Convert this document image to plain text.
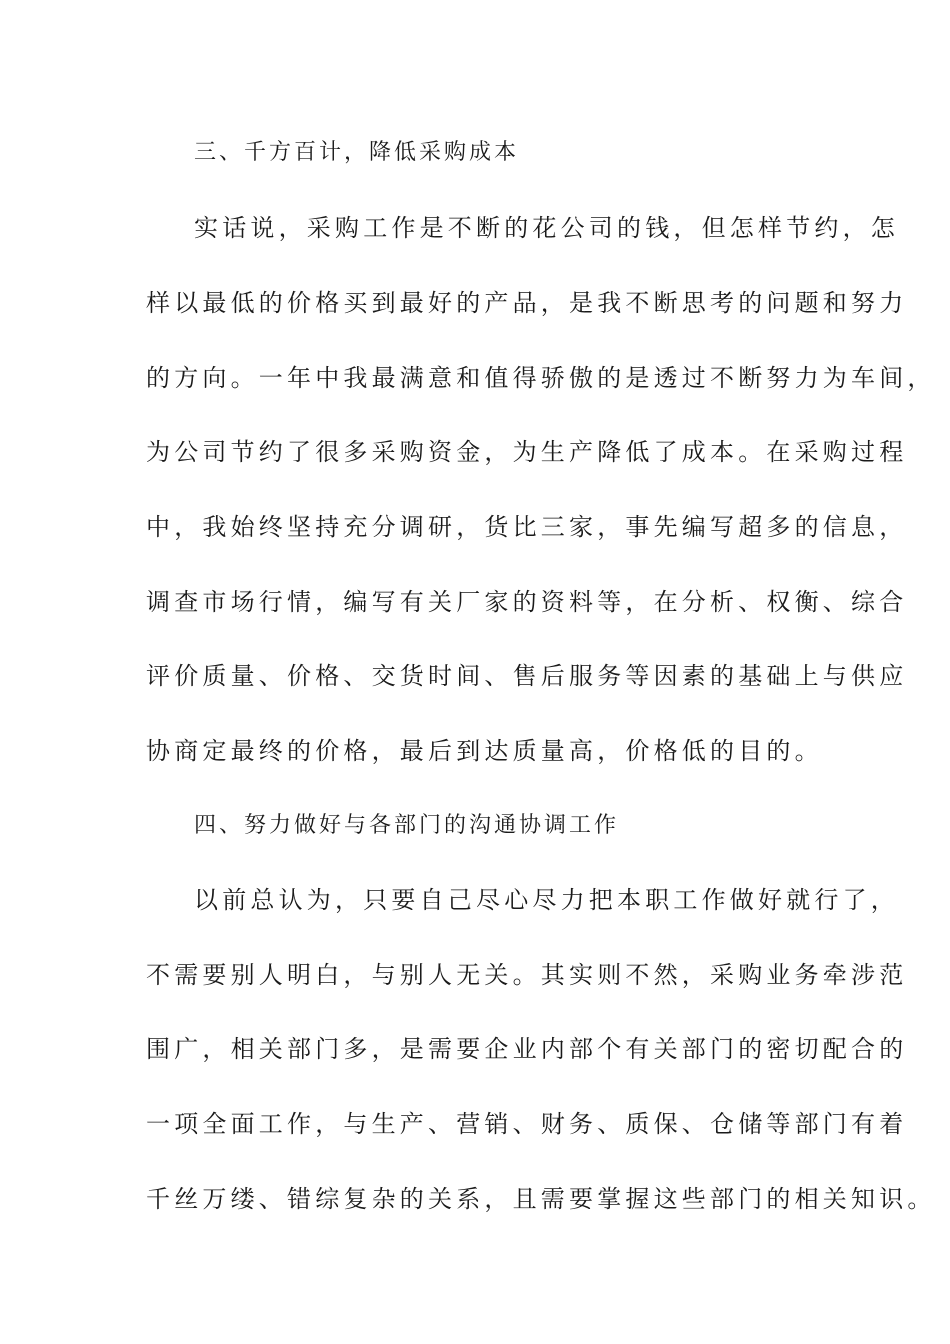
三、千方百计，降低采购成本
实话说，采购工作是不断的花公司的钱，但怎样节约，怎
样以最低的价格买到最好的产品，是我不断思考的问题和努力
的方向。一年中我最满意和值得骄傲的是透过不断努力为车间，
为公司节约了很多采购资金，为生产降低了成本。在采购过程
中，我始终坚持充分调研，货比三家，事先编写超多的信息，
调查市场行情，编写有关厂家的资料等，在分析、权衡、综合
评价质量、价格、交货时间、售后服务等因素的基础上与供应
协商定最终的价格，最后到达质量高，价格低的目的。
四、努力做好与各部门的沟通协调工作
以前总认为，只要自己尽心尽力把本职工作做好就行了，
不需要别人明白，与别人无关。其实则不然，采购业务牵涉范
围广，相关部门多，是需要企业内部个有关部门的密切配合的
一项全面工作，与生产、营销、财务、质保、仓储等部门有着
千丝万缕、错综复杂的关系，且需要掌握这些部门的相关知识。
